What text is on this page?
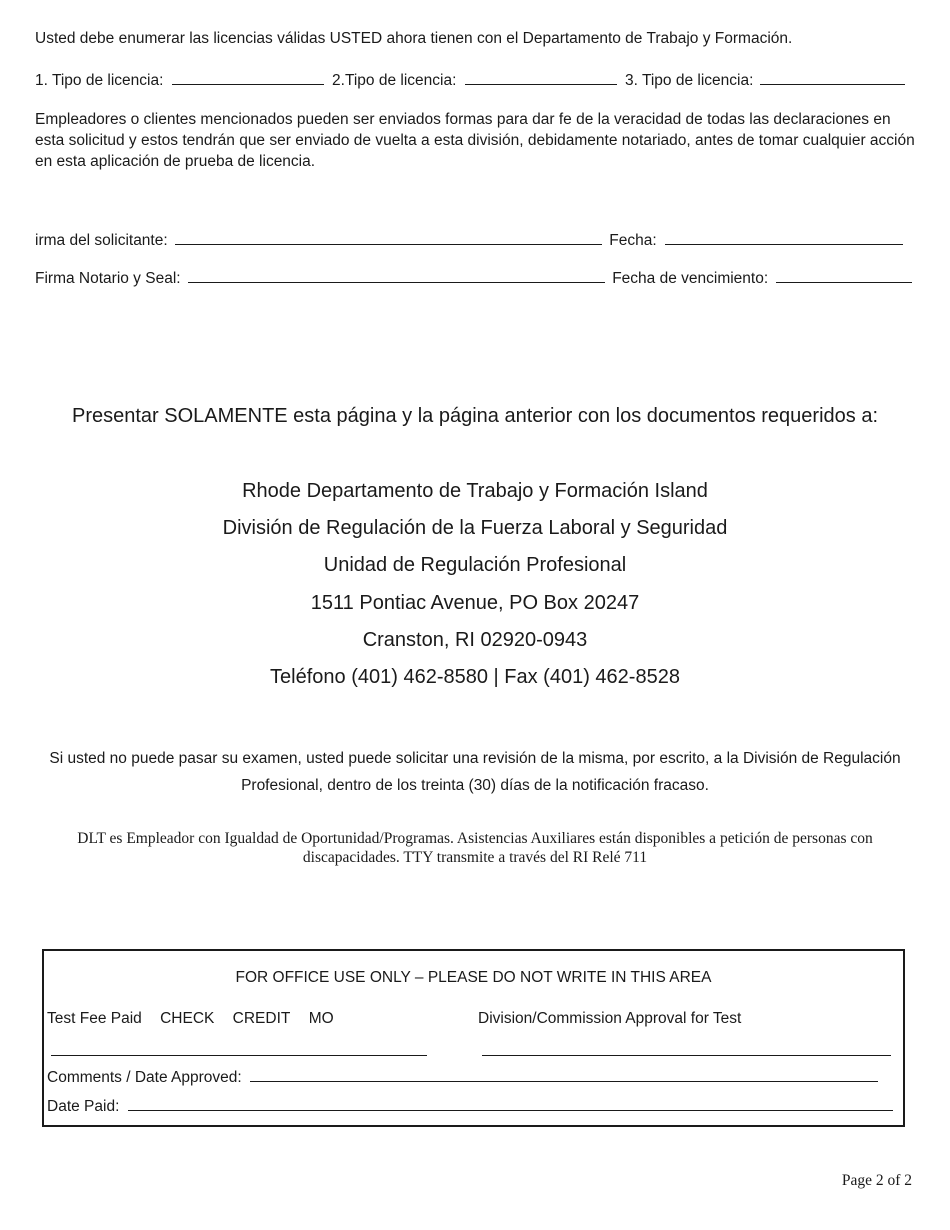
Usted debe enumerar las licencias válidas USTED ahora tienen con el Departamento de Trabajo y Formación.
1. Tipo de licencia:	2.Tipo de licencia:	3. Tipo de licencia:
Empleadores o clientes mencionados pueden ser enviados formas para dar fe de la veracidad de todas las declaraciones en esta solicitud y estos tendrán que ser enviado de vuelta a esta división, debidamente notariado, antes de tomar cualquier acción en esta aplicación de prueba de licencia.
irma del solicitante:	Fecha:
Firma Notario y Seal:	Fecha de vencimiento:
Presentar SOLAMENTE esta página y la página anterior con los documentos requeridos a:
Rhode Departamento de Trabajo y Formación Island
División de Regulación de la Fuerza Laboral y Seguridad
Unidad de Regulación Profesional
1511 Pontiac Avenue, PO Box 20247
Cranston, RI 02920-0943
Teléfono (401) 462-8580 | Fax (401) 462-8528
Si usted no puede pasar su examen, usted puede solicitar una revisión de la misma, por escrito, a la División de Regulación Profesional, dentro de los treinta (30) días de la notificación fracaso.
DLT es Empleador con Igualdad de Oportunidad/Programas. Asistencias Auxiliares están disponibles a petición de personas con discapacidades. TTY transmite a través del RI Relé 711
FOR OFFICE USE ONLY – PLEASE DO NOT WRITE IN THIS AREA
Test Fee Paid CHECK CREDIT MO	Division/Commission Approval for Test
Comments / Date Approved:
Date Paid:
Page 2 of 2
